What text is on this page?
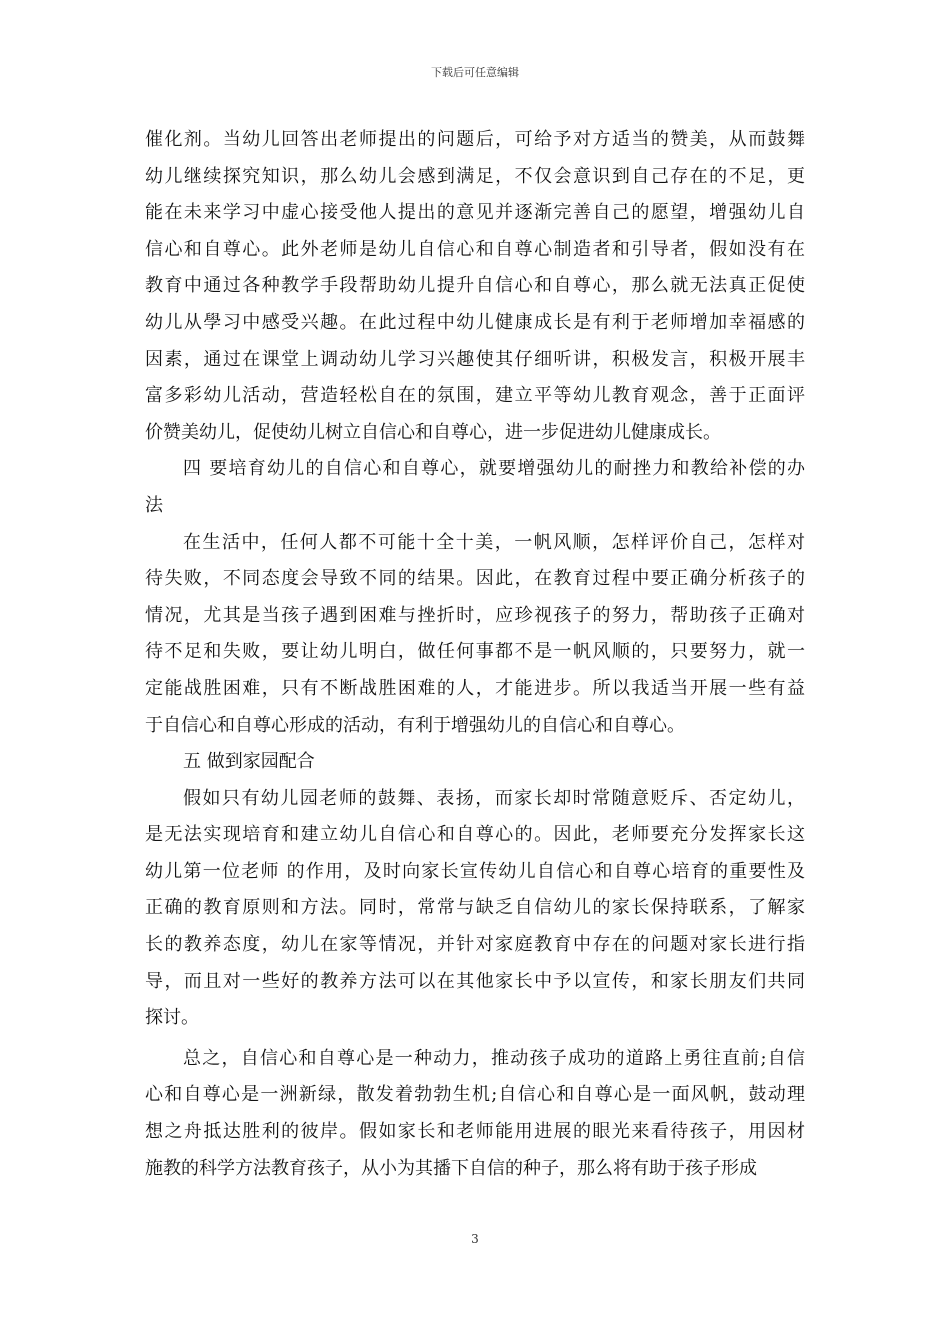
下载后可任意编辑
催化剂。当幼儿回答出老师提出的问题后，可给予对方适当的赞美，从而鼓舞
幼儿继续探究知识，那么幼儿会感到满足，不仅会意识到自己存在的不足，更
能在未来学习中虚心接受他人提出的意见并逐渐完善自己的愿望，增强幼儿自
信心和自尊心。此外老师是幼儿自信心和自尊心制造者和引导者，假如没有在
教育中通过各种教学手段帮助幼儿提升自信心和自尊心，那么就无法真正促使
幼儿从學习中感受兴趣。在此过程中幼儿健康成长是有利于老师增加幸福感的
因素，通过在课堂上调动幼儿学习兴趣使其仔细听讲，积极发言，积极开展丰
富多彩幼儿活动，营造轻松自在的氛围，建立平等幼儿教育观念，善于正面评
价赞美幼儿，促使幼儿树立自信心和自尊心，进一步促进幼儿健康成长。
四 要培育幼儿的自信心和自尊心，就要增强幼儿的耐挫力和教给补偿的办
法
在生活中，任何人都不可能十全十美，一帆风顺，怎样评价自己，怎样对
待失败，不同态度会导致不同的结果。因此，在教育过程中要正确分析孩子的
情况，尤其是当孩子遇到困难与挫折时，应珍视孩子的努力，帮助孩子正确对
待不足和失败，要让幼儿明白，做任何事都不是一帆风顺的，只要努力，就一
定能战胜困难，只有不断战胜困难的人，才能进步。所以我适当开展一些有益
于自信心和自尊心形成的活动，有利于增强幼儿的自信心和自尊心。
五 做到家园配合
假如只有幼儿园老师的鼓舞、表扬，而家长却时常随意贬斥、否定幼儿，
是无法实现培育和建立幼儿自信心和自尊心的。因此，老师要充分发挥家长这
幼儿第一位老师 的作用，及时向家长宣传幼儿自信心和自尊心培育的重要性及
正确的教育原则和方法。同时，常常与缺乏自信幼儿的家长保持联系，了解家
长的教养态度，幼儿在家等情况，并针对家庭教育中存在的问题对家长进行指
导，而且对一些好的教养方法可以在其他家长中予以宣传，和家长朋友们共同
探讨。
总之，自信心和自尊心是一种动力，推动孩子成功的道路上勇往直前;自信
心和自尊心是一洲新绿，散发着勃勃生机;自信心和自尊心是一面风帆，鼓动理
想之舟抵达胜利的彼岸。假如家长和老师能用进展的眼光来看待孩子，用因材
施教的科学方法教育孩子，从小为其播下自信的种子，那么将有助于孩子形成
3
